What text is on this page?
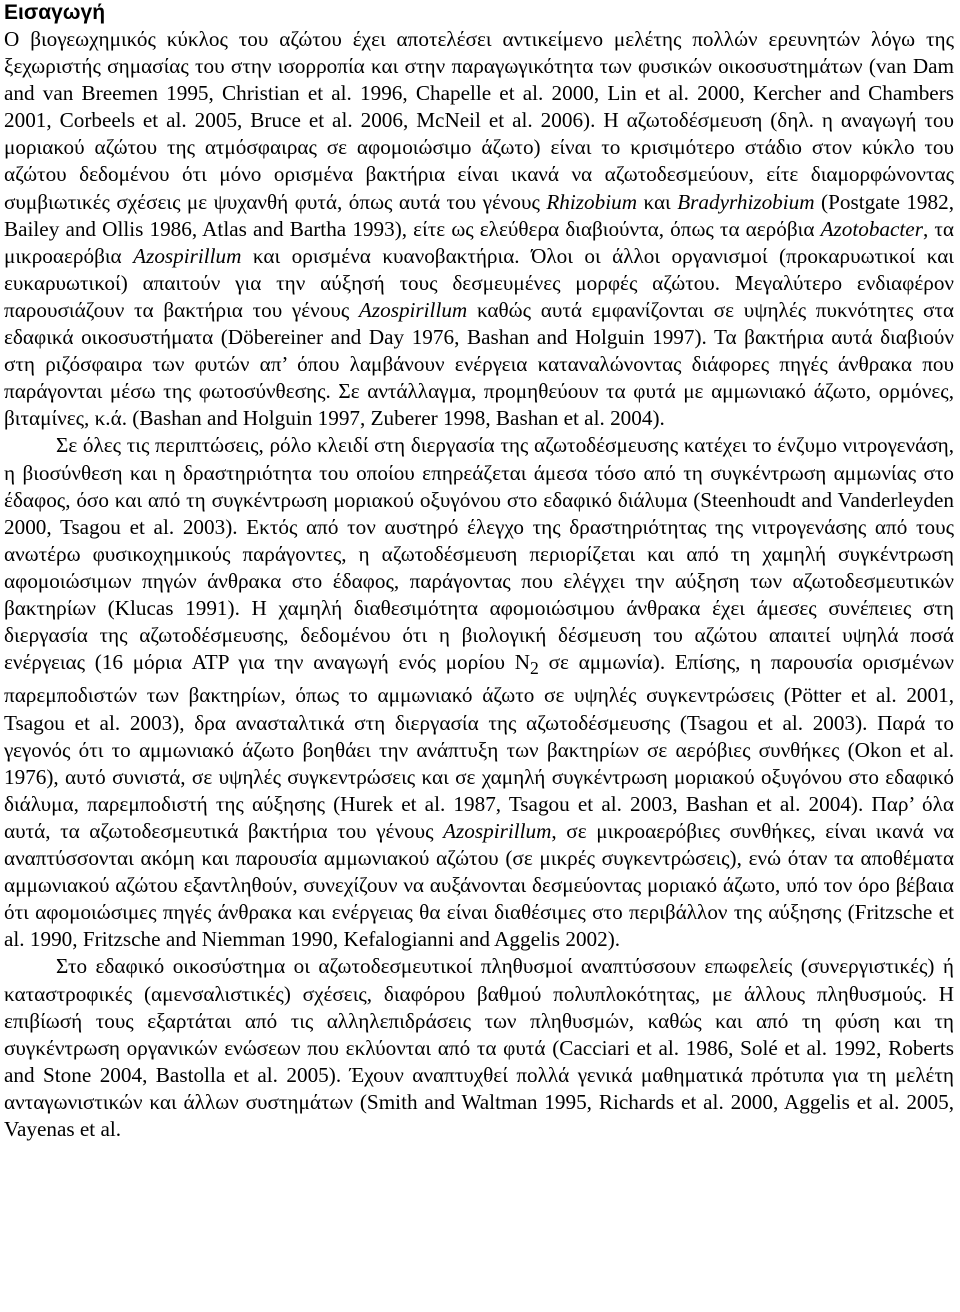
Εισαγωγή

Ο βιογεωχημικός κύκλος του αζώτου έχει αποτελέσει αντικείμενο μελέτης πολλών ερευνητών λόγω της ξεχωριστής σημασίας του στην ισορροπία και στην παραγωγικότητα των φυσικών οικοσυστημάτων (van Dam and van Breemen 1995, Christian et al. 1996, Chapelle et al. 2000, Lin et al. 2000, Kercher and Chambers 2001, Corbeels et al. 2005, Bruce et al. 2006, McNeil et al. 2006). Η αζωτοδέσμευση (δηλ. η αναγωγή του μοριακού αζώτου της ατμόσφαιρας σε αφομοιώσιμο άζωτο) είναι το κρισιμότερο στάδιο στον κύκλο του αζώτου δεδομένου ότι μόνο ορισμένα βακτήρια είναι ικανά να αζωτοδεσμεύουν, είτε διαμορφώνοντας συμβιωτικές σχέσεις με ψυχανθή φυτά, όπως αυτά του γένους Rhizobium και Bradyrhizobium (Postgate 1982, Bailey and Ollis 1986, Atlas and Bartha 1993), είτε ως ελεύθερα διαβιούντα, όπως τα αερόβια Azotobacter, τα μικροαερόβια Azospirillum και ορισμένα κυανοβακτήρια. Όλοι οι άλλοι οργανισμοί (προκαρυωτικοί και ευκαρυωτικοί) απαιτούν για την αύξησή τους δεσμευμένες μορφές αζώτου. Μεγαλύτερο ενδιαφέρον παρουσιάζουν τα βακτήρια του γένους Azospirillum καθώς αυτά εμφανίζονται σε υψηλές πυκνότητες στα εδαφικά οικοσυστήματα (Döbereiner and Day 1976, Bashan and Holguin 1997). Τα βακτήρια αυτά διαβιούν στη ριζόσφαιρα των φυτών απ’ όπου λαμβάνουν ενέργεια καταναλώνοντας διάφορες πηγές άνθρακα που παράγονται μέσω της φωτοσύνθεσης. Σε αντάλλαγμα, προμηθεύουν τα φυτά με αμμωνιακό άζωτο, ορμόνες, βιταμίνες, κ.ά. (Bashan and Holguin 1997, Zuberer 1998, Bashan et al. 2004).

Σε όλες τις περιπτώσεις, ρόλο κλειδί στη διεργασία της αζωτοδέσμευσης κατέχει το ένζυμο νιτρογενάση, η βιοσύνθεση και η δραστηριότητα του οποίου επηρεάζεται άμεσα τόσο από τη συγκέντρωση αμμωνίας στο έδαφος, όσο και από τη συγκέντρωση μοριακού οξυγόνου στο εδαφικό διάλυμα (Steenhoudt and Vanderleyden 2000, Tsagou et al. 2003). Εκτός από τον αυστηρό έλεγχο της δραστηριότητας της νιτρογενάσης από τους ανωτέρω φυσικοχημικούς παράγοντες, η αζωτοδέσμευση περιορίζεται και από τη χαμηλή συγκέντρωση αφομοιώσιμων πηγών άνθρακα στο έδαφος, παράγοντας που ελέγχει την αύξηση των αζωτοδεσμευτικών βακτηρίων (Klucas 1991). Η χαμηλή διαθεσιμότητα αφομοιώσιμου άνθρακα έχει άμεσες συνέπειες στη διεργασία της αζωτοδέσμευσης, δεδομένου ότι η βιολογική δέσμευση του αζώτου απαιτεί υψηλά ποσά ενέργειας (16 μόρια ATP για την αναγωγή ενός μορίου $N_2$ σε αμμωνία). Επίσης, η παρουσία ορισμένων παρεμποδιστών των βακτηρίων, όπως το αμμωνιακό άζωτο σε υψηλές συγκεντρώσεις (Pötter et al. 2001, Tsagou et al. 2003), δρα ανασταλτικά στη διεργασία της αζωτοδέσμευσης (Tsagou et al. 2003). Παρά το γεγονός ότι το αμμωνιακό άζωτο βοηθάει την ανάπτυξη των βακτηρίων σε αερόβιες συνθήκες (Okon et al. 1976), αυτό συνιστά, σε υψηλές συγκεντρώσεις και σε χαμηλή συγκέντρωση μοριακού οξυγόνου στο εδαφικό διάλυμα, παρεμποδιστή της αύξησης (Hurek et al. 1987, Tsagou et al. 2003, Bashan et al. 2004). Παρ’ όλα αυτά, τα αζωτοδεσμευτικά βακτήρια του γένους Azospirillum, σε μικροαερόβιες συνθήκες, είναι ικανά να αναπτύσσονται ακόμη και παρουσία αμμωνιακού αζώτου (σε μικρές συγκεντρώσεις), ενώ όταν τα αποθέματα αμμωνιακού αζώτου εξαντληθούν, συνεχίζουν να αυξάνονται δεσμεύοντας μοριακό άζωτο, υπό τον όρο βέβαια ότι αφομοιώσιμες πηγές άνθρακα και ενέργειας θα είναι διαθέσιμες στο περιβάλλον της αύξησης (Fritzsche et al. 1990, Fritzsche and Niemman 1990, Kefalogianni and Aggelis 2002).

Στο εδαφικό οικοσύστημα οι αζωτοδεσμευτικοί πληθυσμοί αναπτύσσουν επωφελείς (συνεργιστικές) ή καταστροφικές (αμενσαλιστικές) σχέσεις, διαφόρου βαθμού πολυπλοκότητας, με άλλους πληθυσμούς. Η επιβίωσή τους εξαρτάται από τις αλληλεπιδράσεις των πληθυσμών, καθώς και από τη φύση και τη συγκέντρωση οργανικών ενώσεων που εκλύονται από τα φυτά (Cacciari et al. 1986, Solé et al. 1992, Roberts and Stone 2004, Bastolla et al. 2005). Έχουν αναπτυχθεί πολλά γενικά μαθηματικά πρότυπα για τη μελέτη ανταγωνιστικών και άλλων συστημάτων (Smith and Waltman 1995, Richards et al. 2000, Aggelis et al. 2005, Vayenas et al.
